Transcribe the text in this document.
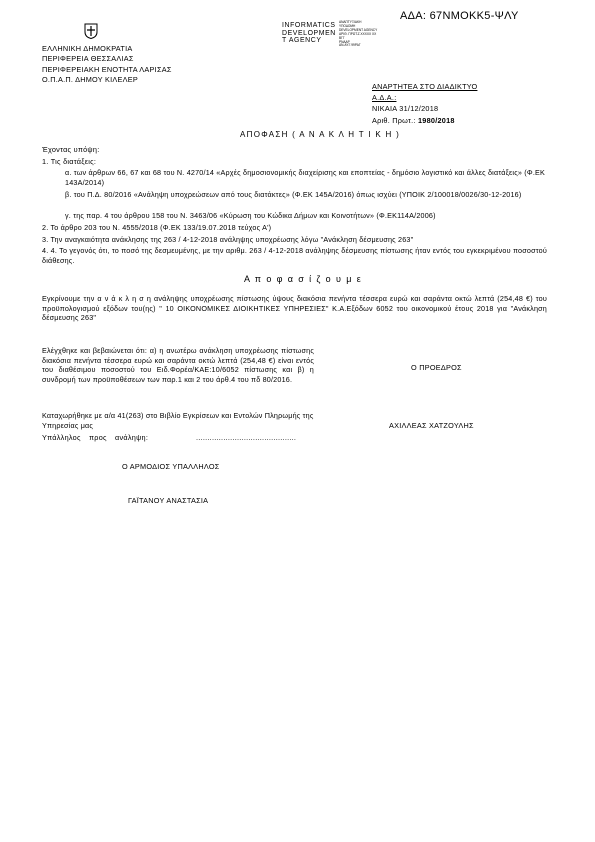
ΑΔΑ: 67ΝΜΟΚΚ5-ΨΛΥ
ΕΛΛΗΝΙΚΗ ΔΗΜΟΚΡΑΤΙΑ
ΠΕΡΙΦΕΡΕΙΑ ΘΕΣΣΑΛΙΑΣ
ΠΕΡΙΦΕΡΕΙΑΚΗ ΕΝΟΤΗΤΑ ΛΑΡΙΣΑΣ
Ο.Π.Α.Π. ΔΗΜΟΥ ΚΙΛΕΛΕΡ
INFORMATICS
DEVELOPMEN
T AGENCY
ΑΝΑΠΤΥΞΙΑΚΗ
ΥΠΟΔΟΜΗ
DEVELOPMENT AGENCY
ΑΡΙΘ. ΠΡΩΤ.Ζ.ΧΧΧΧΧ ΧΧ
ΒΓΓ
ΡΝΑΑΡ
ΑΝ.ΑΥΞ 99ΡΑΓ
ΑΝΑΡΤΗΤΕΑ ΣΤΟ ΔΙΑΔΙΚΤΥΟ
Α.Δ.Α.:
ΝΙΚΑΙΑ 31/12/2018
Αριθ. Πρωτ.: 1980/2018
ΑΠΟΦΑΣΗ ( Α Ν Α Κ Λ Η Τ Ι Κ Η )
Έχοντας υπόψη:
1. Τις διατάξεις:
α. των άρθρων 66, 67 και 68 του Ν. 4270/14 «Αρχές δημοσιονομικής διαχείρισης και εποπτείας - δημόσιο λογιστικό και άλλες διατάξεις» (Φ.ΕΚ 143Α/2014)
β. του Π.Δ. 80/2016 «Ανάληψη υποχρεώσεων από τους διατάκτες» (Φ.ΕΚ 145Α/2016) όπως ισχύει (ΥΠΟΙΚ 2/100018/0026/30-12-2016)
γ. της παρ. 4 του άρθρου 158 του Ν. 3463/06 «Κύρωση του Κώδικα Δήμων και Κοινοτήτων» (Φ.ΕΚ114Α/2006)
2. Το άρθρο 203 του Ν. 4555/2018 (Φ.ΕΚ 133/19.07.2018 τεύχος Α')
3. Την αναγκαιότητα ανάκλησης της 263 / 4-12-2018 ανάληψης υποχρέωσης λόγω "Ανάκληση δέσμευσης 263"
4. 4. Το γεγονός ότι, το ποσό της δεσμευμένης, με την αριθμ. 263 / 4-12-2018 ανάληψης δέσμευσης πίστωσης ήταν εντός του εγκεκριμένου ποσοστού διάθεσης.
Α π ο φ α σ ί ζ ο υ μ ε
Εγκρίνουμε την α ν ά κ λ η σ η ανάληψης υποχρέωσης πίστωσης ύψους διακόσια πενήντα τέσσερα ευρώ και σαράντα οκτώ λεπτά (254,48 €) του προϋπολογισμού εξόδων του(ης) " 10 ΟΙΚΟΝΟΜΙΚΕΣ ΔΙΟΙΚΗΤΙΚΕΣ ΥΠΗΡΕΣΙΕΣ" Κ.Α.Εξόδων 6052 του οικονομικού έτους 2018 για "Ανάκληση δέσμευσης 263"
Ελέγχθηκε και βεβαιώνεται ότι: α) η ανωτέρω ανάκληση υποχρέωσης πίστωσης διακόσια πενήντα τέσσερα ευρώ και σαράντα οκτώ λεπτά (254,48 €) είναι εντός του διαθέσιμου ποσοστού του Ειδ.Φορέα/ΚΑΕ:10/6052 πίστωσης και β) η συνδρομή των προϋποθέσεων των παρ.1 και 2 του άρθ.4 του πδ 80/2016.
Καταχωρήθηκε με α/α 41(263) στο Βιβλίο Εγκρίσεων και Εντολών Πληρωμής της Υπηρεσίας μας
Υπάλληλος πρoς ανάληψη:	............................................
Ο ΑΡΜΟΔΙΟΣ ΥΠΑΛΛΗΛΟΣ
ΓΑΪΤΑΝΟΥ ΑΝΑΣΤΑΣΙΑ
Ο ΠΡΟΕΔΡΟΣ
ΑΧΙΛΛΕΑΣ ΧΑΤΖΟΥΛΗΣ
